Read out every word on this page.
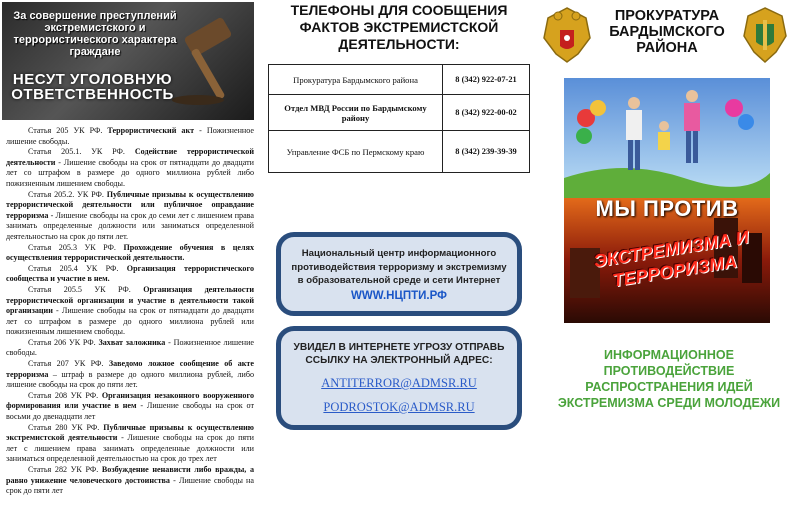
За совершение преступлений экстремистского и террористического характера граждане
НЕСУТ УГОЛОВНУЮ ОТВЕТСТВЕННОСТЬ

Статья 205 УК РФ. Террористический акт - Пожизненное лишение свободы.

Статья 205.1. УК РФ. Содействие террористической деятельности - Лишение свободы на срок от пятнадцати до двадцати лет со штрафом в размере до одного миллиона рублей либо пожизненным лишением свободы.

Статья 205.2. УК РФ. Публичные призывы к осуществлению террористической деятельности или публичное оправдание терроризма - Лишение свободы на срок до семи лет с лишением права занимать определенные должности или заниматься определенной деятельностью на срок до пяти лет.

Статья 205.3 УК РФ. Прохождение обучения в целях осуществления террористической деятельности.

Статья 205.4 УК РФ. Организация террористического сообщества и участие в нем.

Статья 205.5 УК РФ. Организация деятельности террористической организации и участие в деятельности такой организации - Лишение свободы на срок от пятнадцати до двадцати лет со штрафом в размере до одного миллиона рублей или пожизненным лишением свободы.

Статья 206 УК РФ. Захват заложника - Пожизненное лишение свободы.

Статья 207 УК РФ. Заведомо ложное сообщение об акте терроризма – штраф в размере до одного миллиона рублей, либо лишение свободы на срок до пяти лет.

Статья 208 УК РФ. Организация незаконного вооруженного формирования или участие в нем - Лишение свободы на срок от восьми до двенадцати лет

Статья 280 УК РФ. Публичные призывы к осуществлению экстремистской деятельности - Лишение свободы на срок до пяти лет с лишением права занимать определенные должности или заниматься определенной деятельностью на срок до трех лет

Статья 282 УК РФ. Возбуждение ненависти либо вражды, а равно унижение человеческого достоинства - Лишение свободы на срок до пяти лет

ТЕЛЕФОНЫ ДЛЯ СООБЩЕНИЯ ФАКТОВ ЭКСТРЕМИСТСКОЙ ДЕЯТЕЛЬНОСТИ:
Прокуратура Бардымского района	8 (342) 922-07-21
Отдел МВД России по Бардымскому району	8 (342) 922-00-02
Управление ФСБ по Пермскому краю	8 (342) 239-39-39
Национальный центр информационного противодействия терроризму и экстремизму в образовательной среде и сети Интернет
WWW.НЦПТИ.РФ
УВИДЕЛ В ИНТЕРНЕТЕ УГРОЗУ ОТПРАВЬ ССЫЛКУ НА ЭЛЕКТРОННЫЙ АДРЕС:
ANTITERROR@ADMSR.RU
PODROSTOK@ADMSR.RU
ПРОКУРАТУРА БАРДЫМСКОГО РАЙОНА
МЫ ПРОТИВ
ЭКСТРЕМИЗМА И ТЕРРОРИЗМА
ИНФОРМАЦИОННОЕ ПРОТИВОДЕЙСТВИЕ РАСПРОСТРАНЕНИЯ ИДЕЙ ЭКСТРЕМИЗМА СРЕДИ МОЛОДЕЖИ
